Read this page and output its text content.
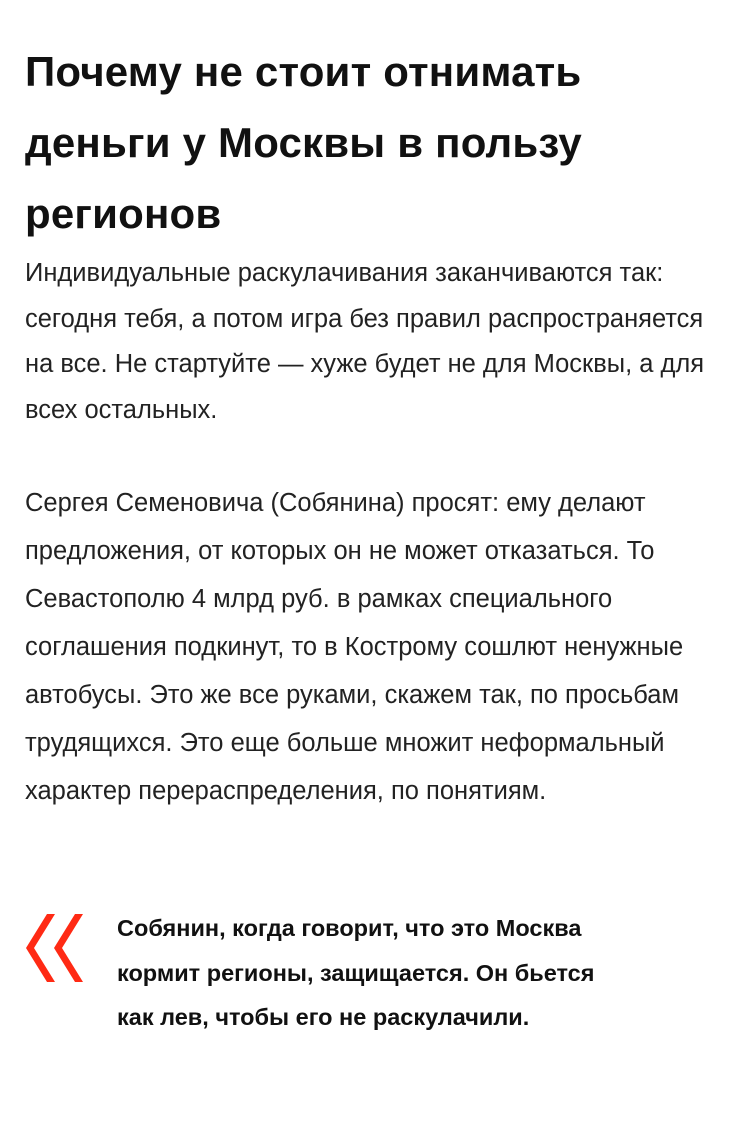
Почему не стоит отнимать деньги у Москвы в пользу регионов

Индивидуальные раскулачивания заканчиваются так: сегодня тебя, а потом игра без правил распространяется на все. Не стартуйте — хуже будет не для Москвы, а для всех остальных.

Сергея Семеновича (Собянина) просят: ему делают предложения, от которых он не может отказаться. То Севастополю 4 млрд руб. в рамках специального соглашения подкинут, то в Кострому сошлют ненужные автобусы. Это же все руками, скажем так, по просьбам трудящихся. Это еще больше множит неформальный характер перераспределения, по понятиям.

Собянин, когда говорит, что это Москва кормит регионы, защищается. Он бьется как лев, чтобы его не раскулачили.
